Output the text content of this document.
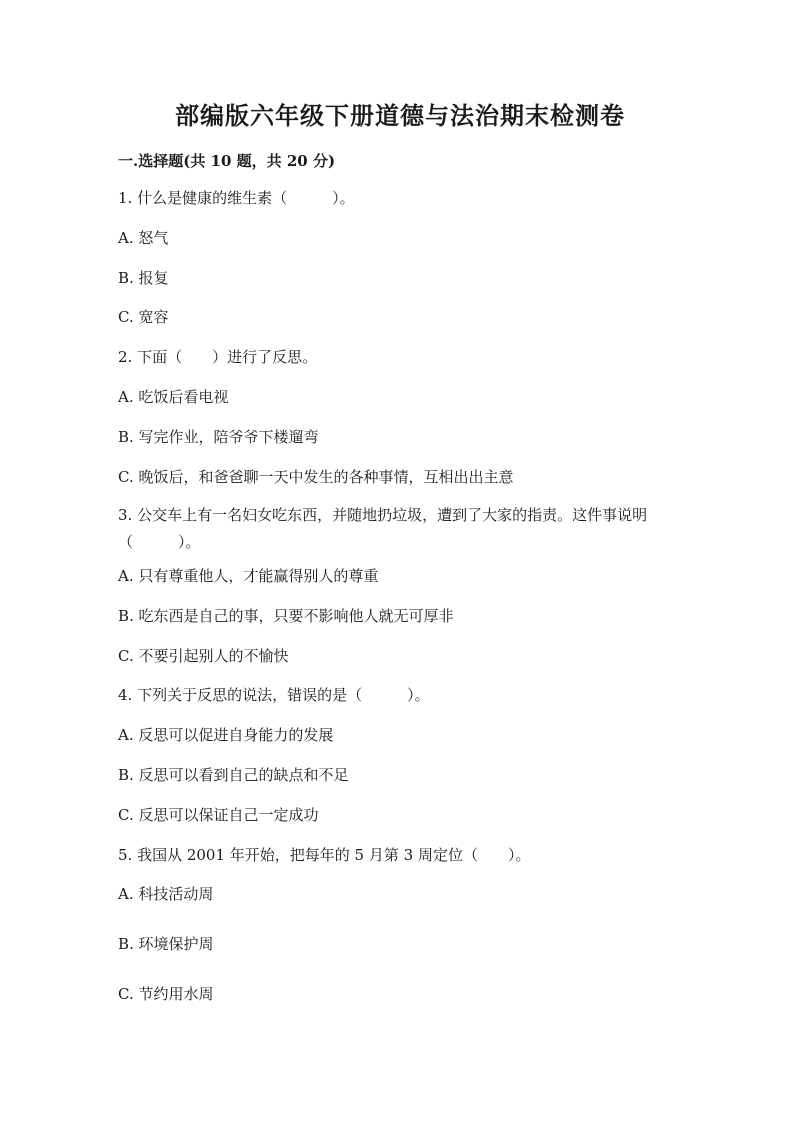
部编版六年级下册道德与法治期末检测卷
一.选择题(共 10 题，共 20 分)
1. 什么是健康的维生素（　　　）。
A. 怒气
B. 报复
C. 宽容
2. 下面（　　）进行了反思。
A. 吃饭后看电视
B. 写完作业，陪爷爷下楼遛弯
C. 晚饭后，和爸爸聊一天中发生的各种事情，互相出出主意
3. 公交车上有一名妇女吃东西，并随地扔垃圾，遭到了大家的指责。这件事说明（　　　）。
A. 只有尊重他人，才能赢得别人的尊重
B. 吃东西是自己的事，只要不影响他人就无可厚非
C. 不要引起别人的不愉快
4. 下列关于反思的说法，错误的是（　　　）。
A. 反思可以促进自身能力的发展
B. 反思可以看到自己的缺点和不足
C. 反思可以保证自己一定成功
5. 我国从 2001 年开始，把每年的 5 月第 3 周定位（　　）。
A. 科技活动周
B. 环境保护周
C. 节约用水周
